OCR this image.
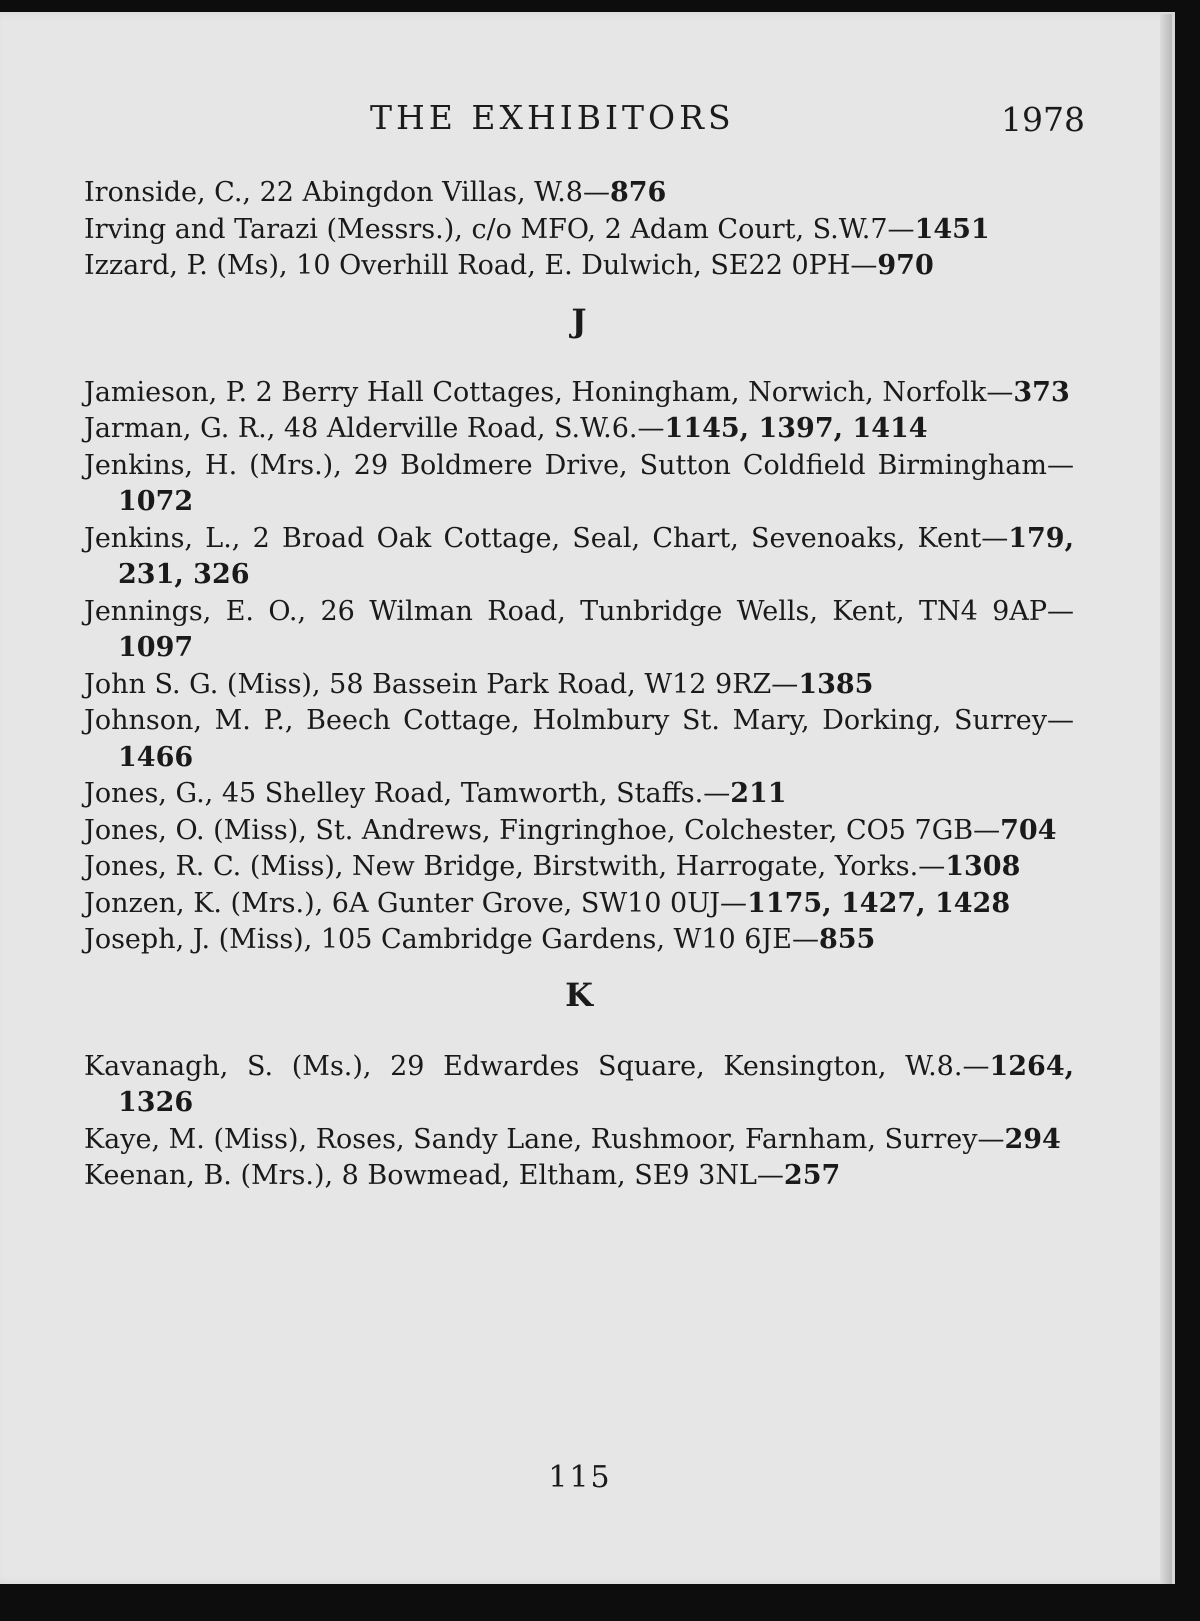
THE EXHIBITORS	1978
Ironside, C., 22 Abingdon Villas, W.8—876
Irving and Tarazi (Messrs.), c/o MFO, 2 Adam Court, S.W.7—1451
Izzard, P. (Ms), 10 Overhill Road, E. Dulwich, SE22 0PH—970
J
Jamieson, P. 2 Berry Hall Cottages, Honingham, Norwich, Norfolk—373
Jarman, G. R., 48 Alderville Road, S.W.6.—1145, 1397, 1414
Jenkins, H. (Mrs.), 29 Boldmere Drive, Sutton Coldfield Birmingham—1072
Jenkins, L., 2 Broad Oak Cottage, Seal, Chart, Sevenoaks, Kent—179, 231, 326
Jennings, E. O., 26 Wilman Road, Tunbridge Wells, Kent, TN4 9AP—1097
John S. G. (Miss), 58 Bassein Park Road, W12 9RZ—1385
Johnson, M. P., Beech Cottage, Holmbury St. Mary, Dorking, Surrey—1466
Jones, G., 45 Shelley Road, Tamworth, Staffs.—211
Jones, O. (Miss), St. Andrews, Fingringhoe, Colchester, CO5 7GB—704
Jones, R. C. (Miss), New Bridge, Birstwith, Harrogate, Yorks.—1308
Jonzen, K. (Mrs.), 6A Gunter Grove, SW10 0UJ—1175, 1427, 1428
Joseph, J. (Miss), 105 Cambridge Gardens, W10 6JE—855
K
Kavanagh, S. (Ms.), 29 Edwardes Square, Kensington, W.8.—1264, 1326
Kaye, M. (Miss), Roses, Sandy Lane, Rushmoor, Farnham, Surrey—294
Keenan, B. (Mrs.), 8 Bowmead, Eltham, SE9 3NL—257
115
